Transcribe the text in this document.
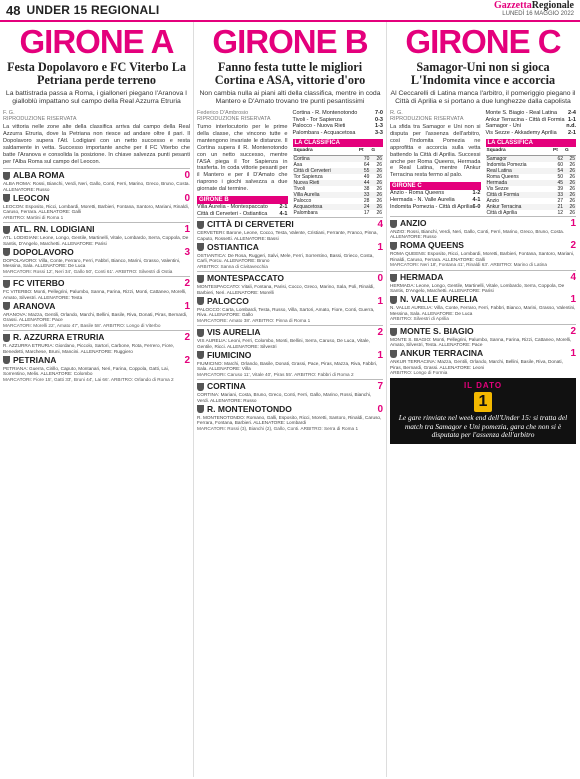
48 UNDER 15 REGIONALI	GazzettaRegionale
LUNEDÌ 16 MAGGIO 2022
GIRONE A
Festa Dopolavoro e FC Viterbo La Petriana perde terreno
La battistrada passa a Roma, i gialloneri piegano l'Aranova I gialloblù impattano sul campo della Real Azzurra Etruria
F. G.
RIPRODUZIONE RISERVATA
La vittoria nelle zone alte della classifica arriva dal campo della Real Azzurra Etruria, dove la Petriana non riesce ad andare oltre il pari. Il Dopolavoro supera l'Atl. Lodigiani con un netto successo e resta saldamente in vetta. Successo importante anche per il FC Viterbo che batte l'Aranova e consolida la posizione. In chiave salvezza punti pesanti per l'Alba Roma sul campo del Leocon.
ALBA ROMA	0
ALBA ROMA: Rossi, Bianchi, Verdi, Neri, Gallo, Conti, Ferri, Marino, Greco, Bruno, Costa. ALLENATORE: Russo
LEOCON	0
LEOCON: Esposito, Ricci, Lombardi, Moretti, Barbieri, Fontana, Santoro, Mariani, Rinaldi, Caruso, Ferrara. ALLENATORE: Galli
ARBITRO: Martini di Roma 1
ATL. RN. LODIGIANI	1
ATL. LODIGIANI: Leone, Longo, Gentile, Martinelli, Vitale, Lombardo, Serra, Coppola, De Santis, D'Angelo, Marchetti. ALLENATORE: Parisi
DOPOLAVORO	3
DOPOLAVORO: Villa, Conte, Ferraro, Ferri, Fabbri, Bianco, Marini, Grasso, Valentini, Messina, Sala. ALLENATORE: De Luca
MARCATORI: Rossi 12', Neri 34', Gallo 50', Conti 61'. ARBITRO: Silvestri di Ostia
FC VITERBO	2
FC VITERBO: Monti, Pellegrini, Palumbo, Sanna, Farina, Rizzi, Monti, Cattaneo, Morelli, Amato, Silvestri. ALLENATORE: Testa
ARANOVA	1
ARANOVA: Mazza, Gentili, Orlando, Marchi, Bellini, Basile, Riva, Donati, Piras, Bernardi, Grassi. ALLENATORE: Pace
MARCATORI: Morelli 22', Amato 47', Basile 58'. ARBITRO: Longo di Viterbo
R. AZZURRA ETRURIA	2
R. AZZURRA ETRURIA: Giordano, Piccolo, Sartori, Carbone, Rota, Ferrero, Fiore, Benedetti, Marchese, Bruni, Mancini. ALLENATORE: Ruggiero
PETRIANA	2
PETRIANA: Guerra, Cirillo, Caputo, Montanari, Neri, Farina, Coppola, Gatti, Lai, Sorrentino, Melis. ALLENATORE: Colombo
MARCATORI: Fiore 15', Gatti 33', Bruni 44', Lai 66'. ARBITRO: Orlando di Roma 2
GIRONE B
Fanno festa tutte le migliori Cortina e ASA, vittorie d'oro
Non cambia nulla ai piani alti della classifica, mentre in coda Mantero e D'Amato trovano tre punti pesantissimi
Federico D'Ambrosio
RIPRODUZIONE RISERVATA
Turno interlocutorio per le prime della classe, che vincono tutte e mantengono invariate le distanze. Il Cortina supera il R. Montenotondo con un netto successo, mentre l'ASA piega il Tor Sapienza in trasferta. In coda vittorie pesanti per il Mantero e per il D'Amato che riaprono i giochi salvezza a due giornate dal termine.
GIRONE B
Villa Aurelia - Montespaccato 2-1
Città di Cerveteri - Ostiantica 4-1
Cortina - R. Montenotondo	7-0
Tivoli - Tor Sapienza	0-3
Palocco - Nuova Rieti	1-3
Palombara - Acquacetosa	3-3
LA CLASSIFICA
Squadra	Pt	G
Cortina	70	26
Asa	64	26
Città di Cerveteri	55	26
Tor Sapienza	49	26
Nuova Rieti	44	26
Tivoli	38	26
Villa Aurelia	33	26
Palocco	28	26
Acquacetosa	24	26
Palombara	17	26
CITTÀ DI CERVETERI	4
CERVETERI: Barone, Leone, Cocco, Testa, Valente, Cristiani, Ferrante, Franco, Pinna, Caputo, Rossetti. ALLENATORE: Bassi
OSTIANTICA	1
OSTIANTICA: De Rosa, Ruggeri, Salvi, Mele, Ferri, Sorrentino, Bassi, Grieco, Costa, Carli, Porcu. ALLENATORE: Bruno
ARBITRO: Sanna di Civitavecchia
MONTESPACCATO	0
MONTESPACCATO: Vitali, Fontana, Parisi, Cocco, Greco, Marino, Sala, Poli, Rinaldi, Barbieri, Neri. ALLENATORE: Morelli
PALOCCO	1
PALOCCO: Carta, Lombardi, Testa, Russo, Villa, Sartori, Amato, Fiore, Conti, Guerra, Riva. ALLENATORE: Gallo
MARCATORE: Amato 38'. ARBITRO: Pinna di Roma 1
VIS AURELIA	2
VIS AURELIA: Leoni, Ferri, Colombo, Monti, Bellini, Serra, Caruso, De Luca, Vitale, Gentile, Ricci. ALLENATORE: Silvestri
FIUMICINO	1
FIUMICINO: Marchi, Orlando, Basile, Donati, Grassi, Pace, Piras, Mazza, Riva, Fabbri, Sala. ALLENATORE: Villa
MARCATORI: Caruso 11', Vitale 40', Piras 55'. ARBITRO: Fabbri di Roma 2
CORTINA	7
CORTINA: Mariani, Costa, Bruno, Greco, Conti, Ferri, Gallo, Marino, Rossi, Bianchi, Verdi. ALLENATORE: Russo
R. MONTENOTONDO	0
R. MONTENOTONDO: Romano, Galli, Esposito, Ricci, Moretti, Santoro, Rinaldi, Caruso, Ferrara, Fontana, Barbieri. ALLENATORE: Lombardi
MARCATORI: Rossi (3), Bianchi (2), Gallo, Conti. ARBITRO: Serra di Roma 1
GIRONE C
Samagor-Uni non si gioca L'Indomita vince e accorcia
Al Ceccarelli di Latina manca l'arbitro, il pomeriggio piegano il Città di Aprilia e si portano a due lunghezze dalla capolista
R. G.
RIPRODUZIONE RISERVATA
La sfida tra Samagor e Uni non si disputa per l'assenza dell'arbitro, così l'Indomita Pomezia ne approfitta e accorcia sulla vetta battendo la Città di Aprilia. Successi anche per Roma Queens, Hermada e Real Latina, mentre l'Ankur Terracina resta fermo al palo.
GIRONE C
Anzio - Roma Queens	1-2
Hermada - N. Valle Aurelia	4-1
Indomita Pomezia - Città di Aprilia 6-0
Monte S. Biagio - Real Latina 2-4
Ankur Terracina - Città di Formia 1-1
Samagor - Uni	n.d.
Vis Sezze - Akkademy Aprilia 2-1
LA CLASSIFICA
Squadra	Pt	G
Samagor	62	25
Indomita Pomezia	60	26
Real Latina	54	26
Roma Queens	50	26
Hermada	45	26
Vis Sezze	39	26
Città di Formia	33	26
Anzio	27	26
Ankur Terracina	21	26
Città di Aprilia	12	26
ANZIO	1
ANZIO: Rossi, Bianchi, Verdi, Neri, Gallo, Conti, Ferri, Marino, Greco, Bruno, Costa. ALLENATORE: Russo
ROMA QUEENS	2
ROMA QUEENS: Esposito, Ricci, Lombardi, Moretti, Barbieri, Fontana, Santoro, Mariani, Rinaldi, Caruso, Ferrara. ALLENATORE: Galli
MARCATORI: Neri 18', Fontana 41', Rinaldi 63'. ARBITRO: Marino di Latina
HERMADA	4
HERMADA: Leone, Longo, Gentile, Martinelli, Vitale, Lombardo, Serra, Coppola, De Santis, D'Angelo, Marchetti. ALLENATORE: Parisi
N. VALLE AURELIA	1
N. VALLE AURELIA: Villa, Conte, Ferraro, Ferri, Fabbri, Bianco, Marini, Grasso, Valentini, Messina, Sala. ALLENATORE: De Luca
ARBITRO: Silvestri di Aprilia
MONTE S. BIAGIO	2
MONTE S. BIAGIO: Monti, Pellegrini, Palumbo, Sanna, Farina, Rizzi, Cattaneo, Morelli, Amato, Silvestri, Testa. ALLENATORE: Pace
ANKUR TERRACINA	1
ANKUR TERRACINA: Mazza, Gentili, Orlando, Marchi, Bellini, Basile, Riva, Donati, Piras, Bernardi, Grassi. ALLENATORE: Leoni
ARBITRO: Longo di Formia
IL DATO
1
Le gare rinviate nel week end dell'Under 15: si tratta del match tra Samagor e Uni pomezia, gara che non si è disputata per l'assenza dell'arbitro
